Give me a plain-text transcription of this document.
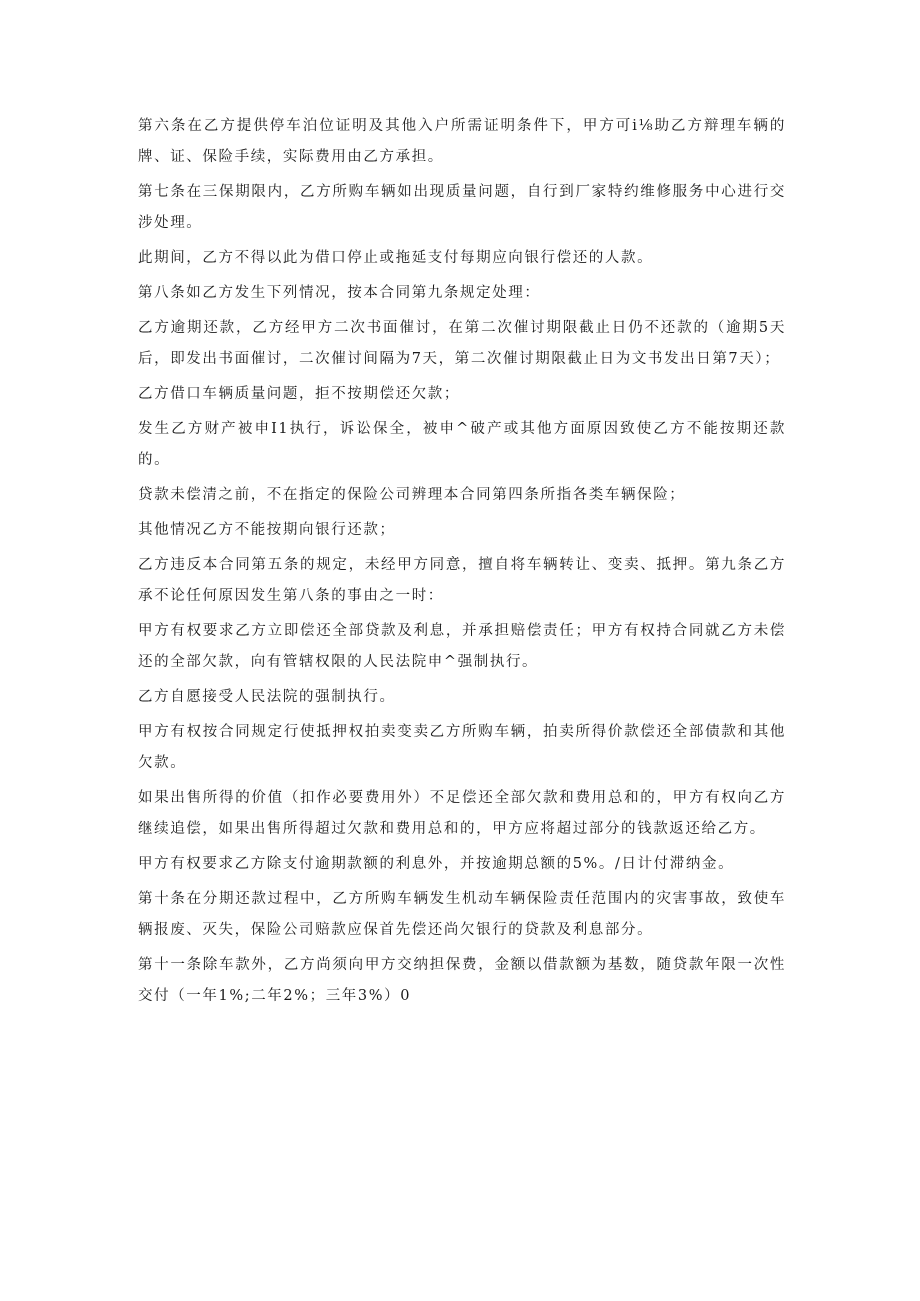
第六条在乙方提供停车泊位证明及其他入户所需证明条件下，甲方可i⅛助乙方辩理车辆的牌、证、保险手续，实际费用由乙方承担。

第七条在三保期限内，乙方所购车辆如出现质量问题，自行到厂家特约维修服务中心进行交涉处理。

此期间，乙方不得以此为借口停止或拖延支付每期应向银行偿还的人款。

第八条如乙方发生下列情况，按本合同第九条规定处理：

乙方逾期还款，乙方经甲方二次书面催讨，在第二次催讨期限截止日仍不还款的（逾期5天后，即发出书面催讨，二次催讨间隔为7天，第二次催讨期限截止日为文书发出日第7天）；

乙方借口车辆质量问题，拒不按期偿还欠款；

发生乙方财产被申I1执行，诉讼保全，被申^破产或其他方面原因致使乙方不能按期还款的。

贷款未偿清之前，不在指定的保险公司辨理本合同第四条所指各类车辆保险；

其他情况乙方不能按期向银行还款；

乙方违反本合同第五条的规定，未经甲方同意，擅自将车辆转让、变卖、抵押。第九条乙方承不论任何原因发生第八条的事由之一时：

甲方有权要求乙方立即偿还全部贷款及利息，并承担赔偿责任；甲方有权持合同就乙方未偿还的全部欠款，向有管辖权限的人民法院申^强制执行。

乙方自愿接受人民法院的强制执行。

甲方有权按合同规定行使抵押权拍卖变卖乙方所购车辆，拍卖所得价款偿还全部债款和其他欠款。

如果出售所得的价值（扣作必要费用外）不足偿还全部欠款和费用总和的，甲方有权向乙方继续追偿，如果出售所得超过欠款和费用总和的，甲方应将超过部分的钱款返还给乙方。

甲方有权要求乙方除支付逾期款额的利息外，并按逾期总额的5%。/日计付滞纳金。

第十条在分期还款过程中，乙方所购车辆发生机动车辆保险责任范围内的灾害事故，致使车辆报废、灭失，保险公司赔款应保首先偿还尚欠银行的贷款及利息部分。

第十一条除车款外，乙方尚须向甲方交纳担保费，金额以借款额为基数，随贷款年限一次性交付（一年1%;二年2%；三年3%）0
